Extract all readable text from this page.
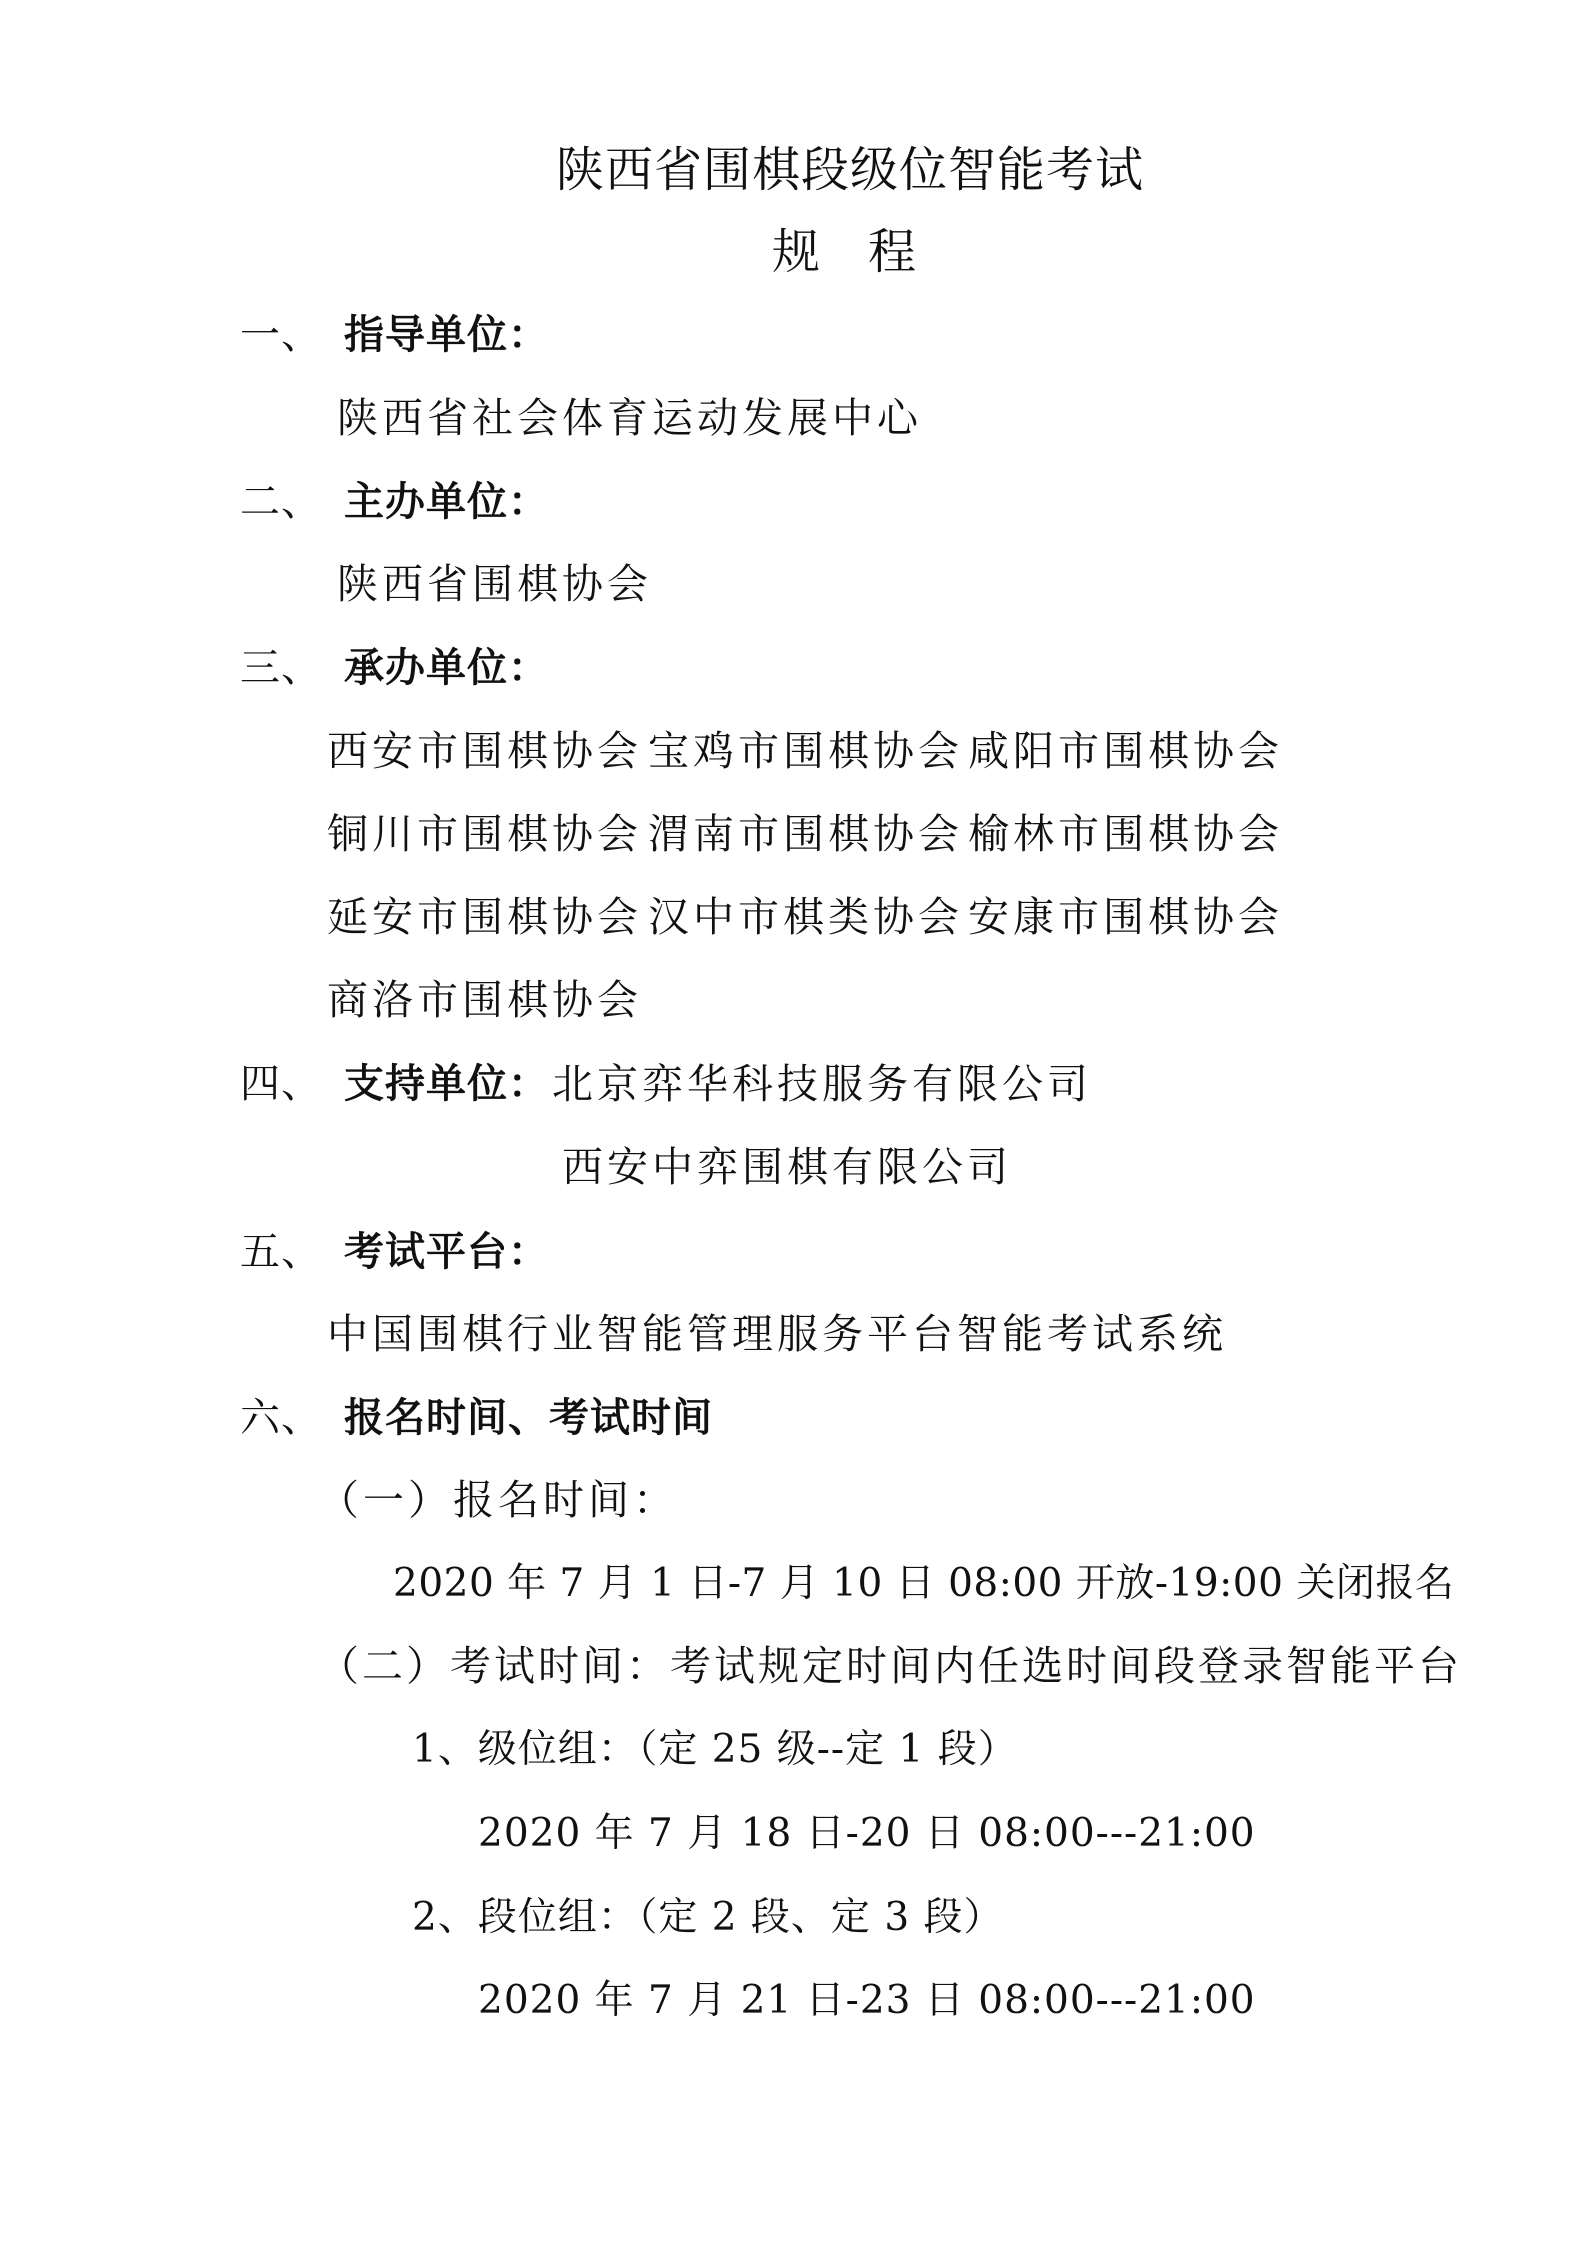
陕西省围棋段级位智能考试
规　程
一、 指导单位：
陕西省社会体育运动发展中心
二、 主办单位：
陕西省围棋协会
三、 承办单位：
西安市围棋协会 宝鸡市围棋协会 咸阳市围棋协会
铜川市围棋协会 渭南市围棋协会 榆林市围棋协会
延安市围棋协会 汉中市棋类协会 安康市围棋协会
商洛市围棋协会
四、 支持单位： 北京弈华科技服务有限公司
西安中弈围棋有限公司
五、 考试平台：
中国围棋行业智能管理服务平台智能考试系统
六、 报名时间、考试时间
（一）报名时间：
2020 年 7 月 1 日-7 月 10 日 08:00 开放-19:00 关闭报名
（二）考试时间：考试规定时间内任选时间段登录智能平台
1、级位组：（定 25 级--定 1 段）
2020 年 7 月 18 日-20 日 08:00---21:00
2、段位组：（定 2 段、定 3 段）
2020 年 7 月 21 日-23 日 08:00---21:00
